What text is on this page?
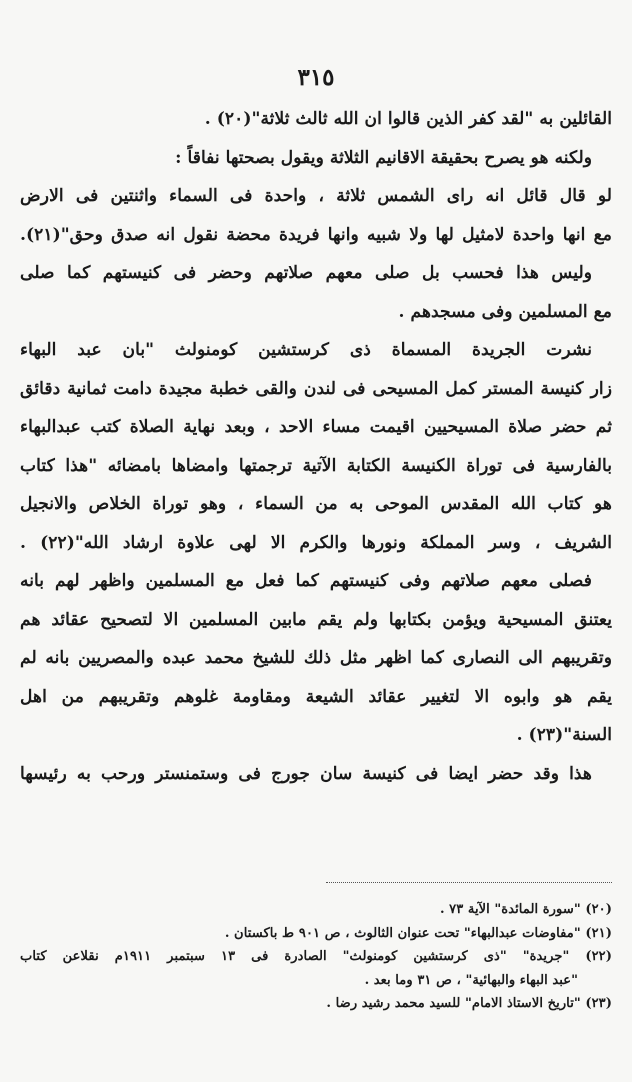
٣١٥
القائلين به "لقد كفر الذين قالوا ان الله ثالث ثلاثة"(٢٠) .
ولكنه هو يصرح بحقيقة الاقانيم الثلاثة ويقول بصحتها نفاقاً :
لو قال قائل انه راى الشمس ثلاثة ، واحدة فى السماء واثنتين فى الارض
مع انها واحدة لامثيل لها ولا شبيه وانها فريدة محضة نقول انه صدق وحق"(٢١).
وليس هذا فحسب بل صلى معهم صلاتهم وحضر فى كنيستهم كما صلى
مع المسلمين وفى مسجدهم .
نشرت الجريدة المسماة ذى كرستشين كومنولث "بان عبد البهاء
زار كنيسة المستر كمل المسيحى فى لندن والقى خطبة مجيدة دامت ثمانية دقائق
ثم حضر صلاة المسيحيين اقيمت مساء الاحد ، وبعد نهاية الصلاة كتب عبدالبهاء
بالفارسية فى توراة الكنيسة الكتابة الآتية ترجمتها وامضاها بامضائه "هذا كتاب
هو كتاب الله المقدس الموحى به من السماء ، وهو توراة الخلاص والانجيل
الشريف ، وسر المملكة ونورها والكرم الا لهى علاوة ارشاد الله"(٢٢) .
فصلى معهم صلاتهم وفى كنيستهم كما فعل مع المسلمين واظهر لهم بانه
يعتنق المسيحية ويؤمن بكتابها ولم يقم مابين المسلمين الا لتصحيح عقائد هم
وتقريبهم الى النصارى كما اظهر مثل ذلك للشيخ محمد عبده والمصريين بانه لم
يقم هو وابوه الا لتغيير عقائد الشيعة ومقاومة غلوهم وتقريبهم من اهل
السنة"(٢٣) .
هذا وقد حضر ايضا فى كنيسة سان جورج فى وستمنستر ورحب به رئيسها
(٢٠) "سورة المائدة" الآية ٧٣ .
(٢١) "مفاوضات عبدالبهاء" تحت عنوان الثالوث ، ص ٩٠١ ط باكستان .
(٢٢) "جريدة" "ذى كرستشين كومنولث" الصادرة فى ١٣ سبتمبر ١٩١١م نقلاعن كتاب
"عبد البهاء والبهائية" ، ص ٣١ وما بعد .
(٢٣) "تاريخ الاستاذ الامام" للسيد محمد رشيد رضا .
